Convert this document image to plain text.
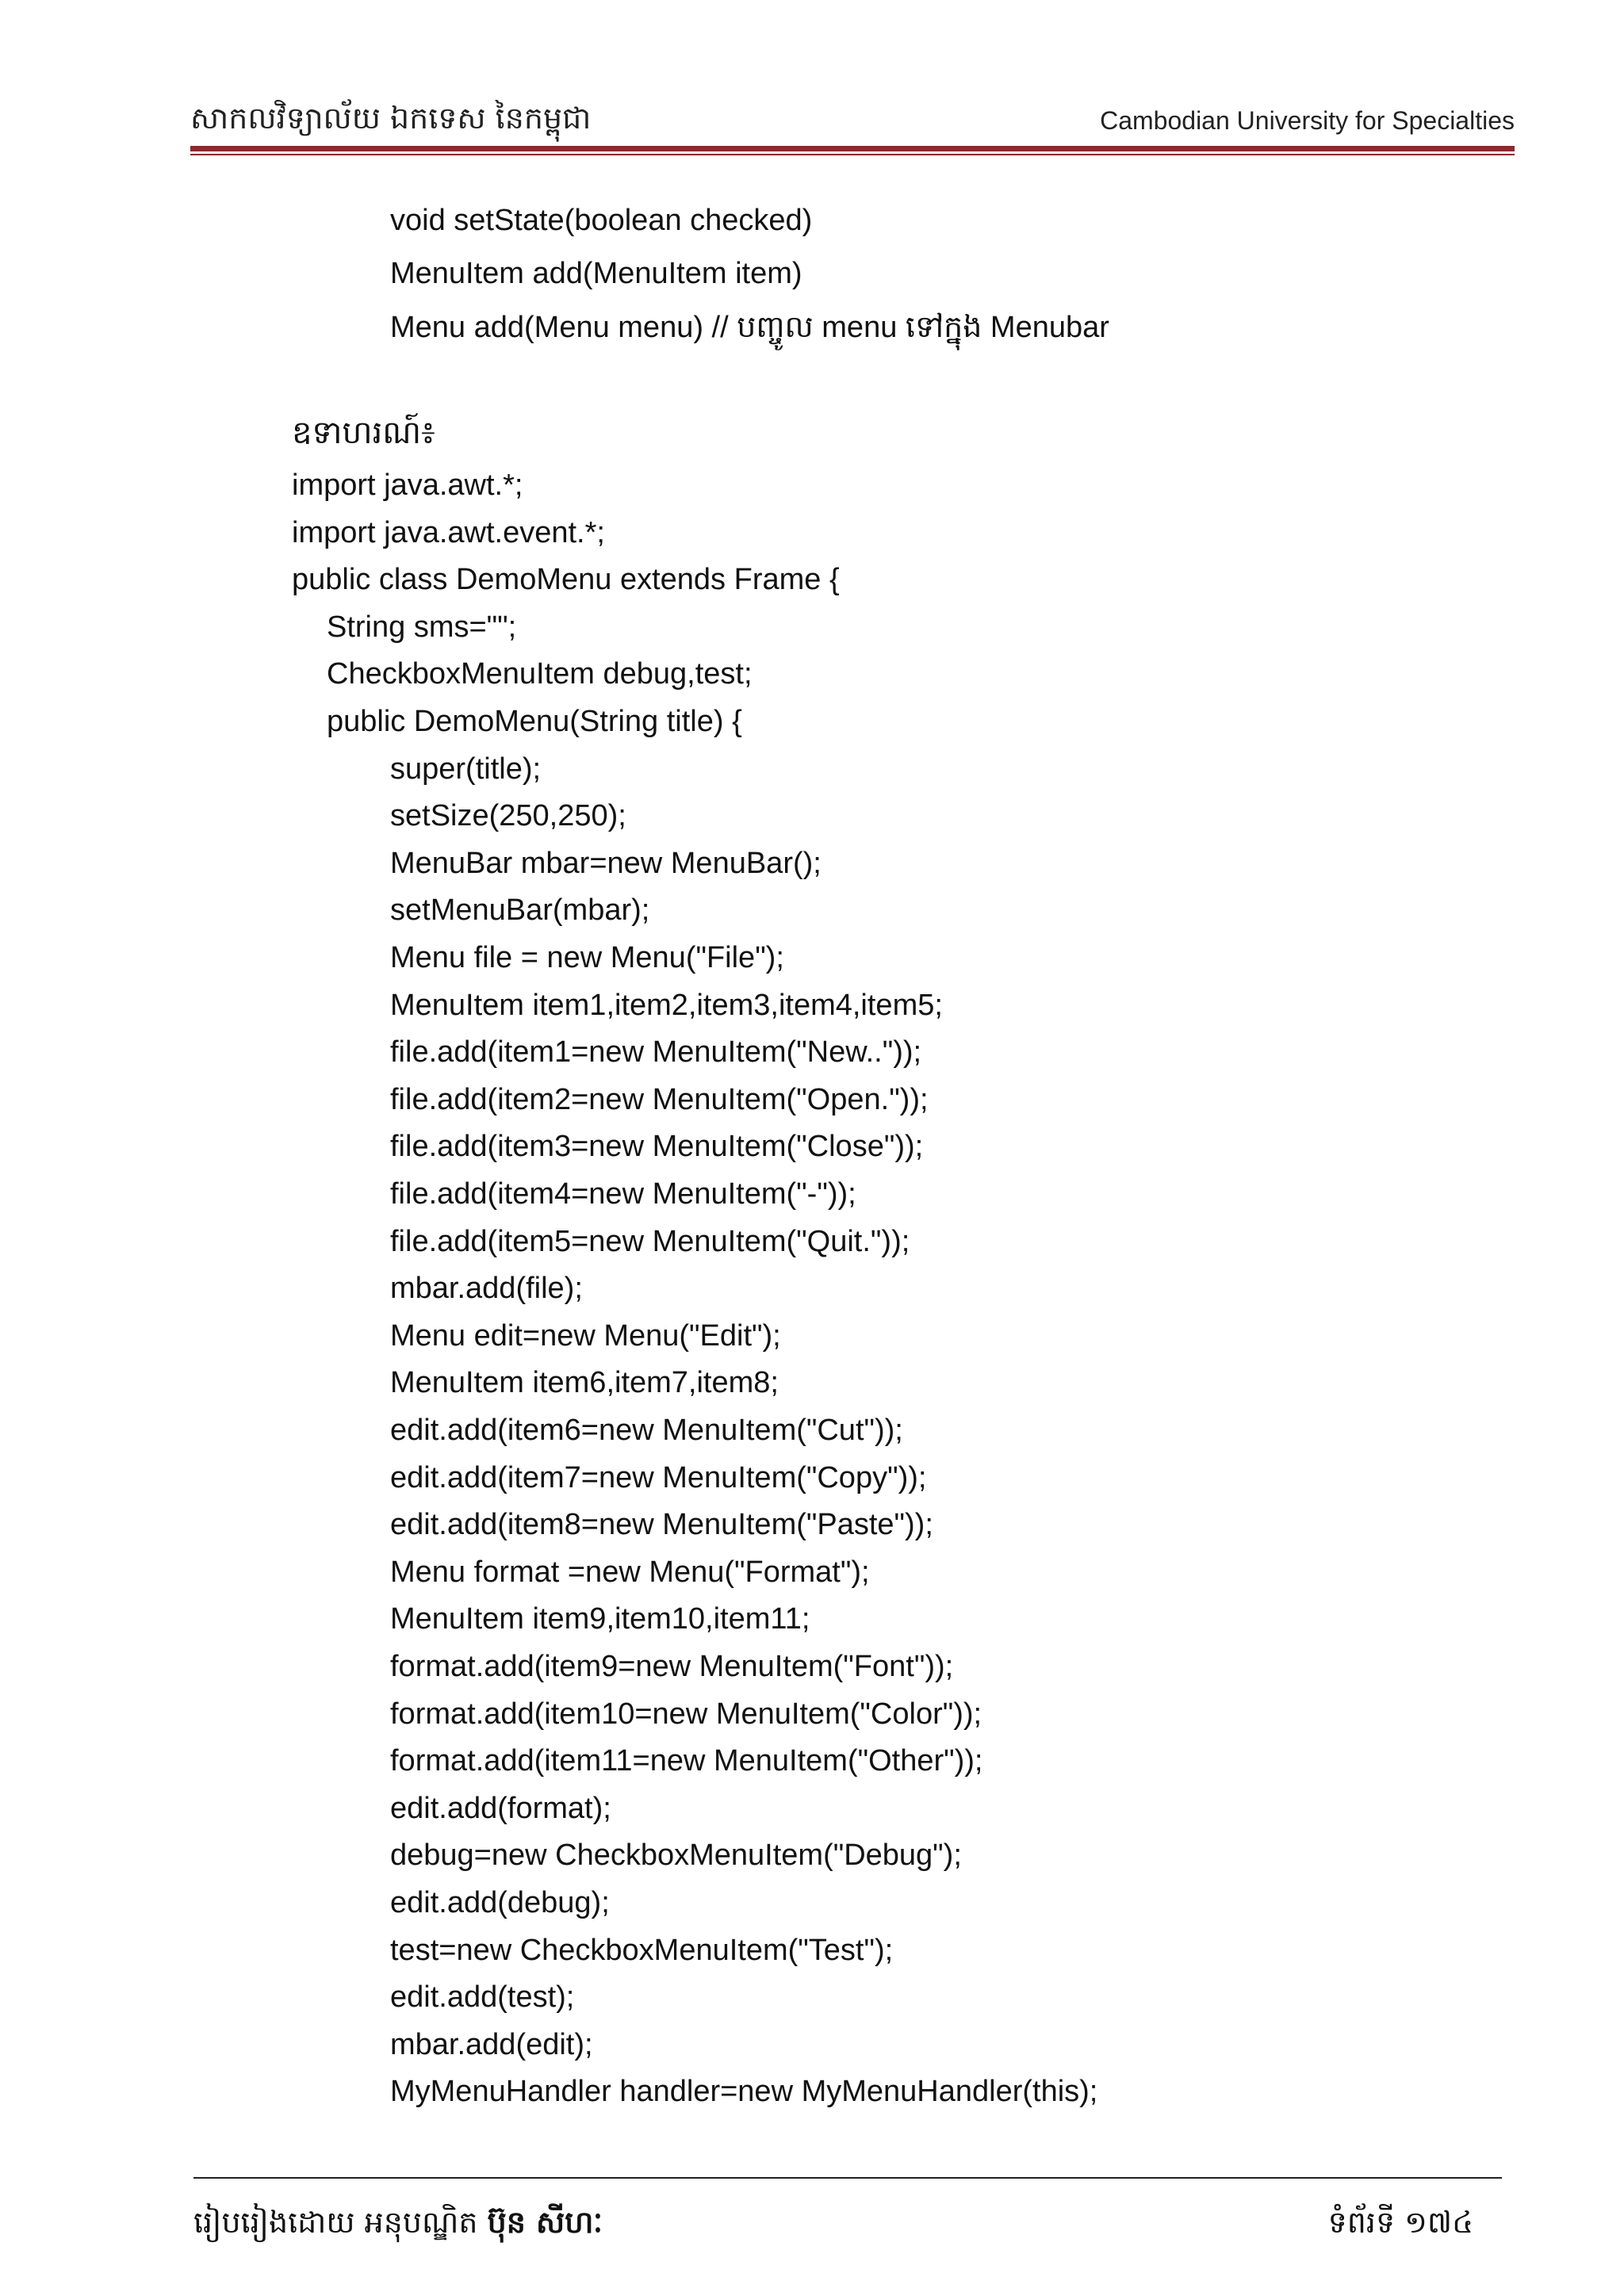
សាកលវិទ្យាល័យ ឯកទេស នៃកម្ពុជា	Cambodian University for Specialties
void setState(boolean checked)
MenuItem add(MenuItem item)
Menu add(Menu menu) // បញ្ចូល menu ទៅក្នុង Menubar
ឧទាហរណ៍៖
import java.awt.*;
import java.awt.event.*;
public class DemoMenu extends Frame {
String sms="";
CheckboxMenuItem debug,test;
public DemoMenu(String title) {
super(title);
setSize(250,250);
MenuBar mbar=new MenuBar();
setMenuBar(mbar);
Menu file = new Menu("File");
MenuItem item1,item2,item3,item4,item5;
file.add(item1=new MenuItem("New.."));
file.add(item2=new MenuItem("Open."));
file.add(item3=new MenuItem("Close"));
file.add(item4=new MenuItem("-"));
file.add(item5=new MenuItem("Quit."));
mbar.add(file);
Menu edit=new Menu("Edit");
MenuItem item6,item7,item8;
edit.add(item6=new MenuItem("Cut"));
edit.add(item7=new MenuItem("Copy"));
edit.add(item8=new MenuItem("Paste"));
Menu format =new Menu("Format");
MenuItem item9,item10,item11;
format.add(item9=new MenuItem("Font"));
format.add(item10=new MenuItem("Color"));
format.add(item11=new MenuItem("Other"));
edit.add(format);
debug=new CheckboxMenuItem("Debug");
edit.add(debug);
test=new CheckboxMenuItem("Test");
edit.add(test);
mbar.add(edit);
MyMenuHandler handler=new MyMenuHandler(this);
រៀបរៀងដោយ អនុបណ្ឌិត ប៊ុន សីហៈ	ទំព័រទី ១៧៤
